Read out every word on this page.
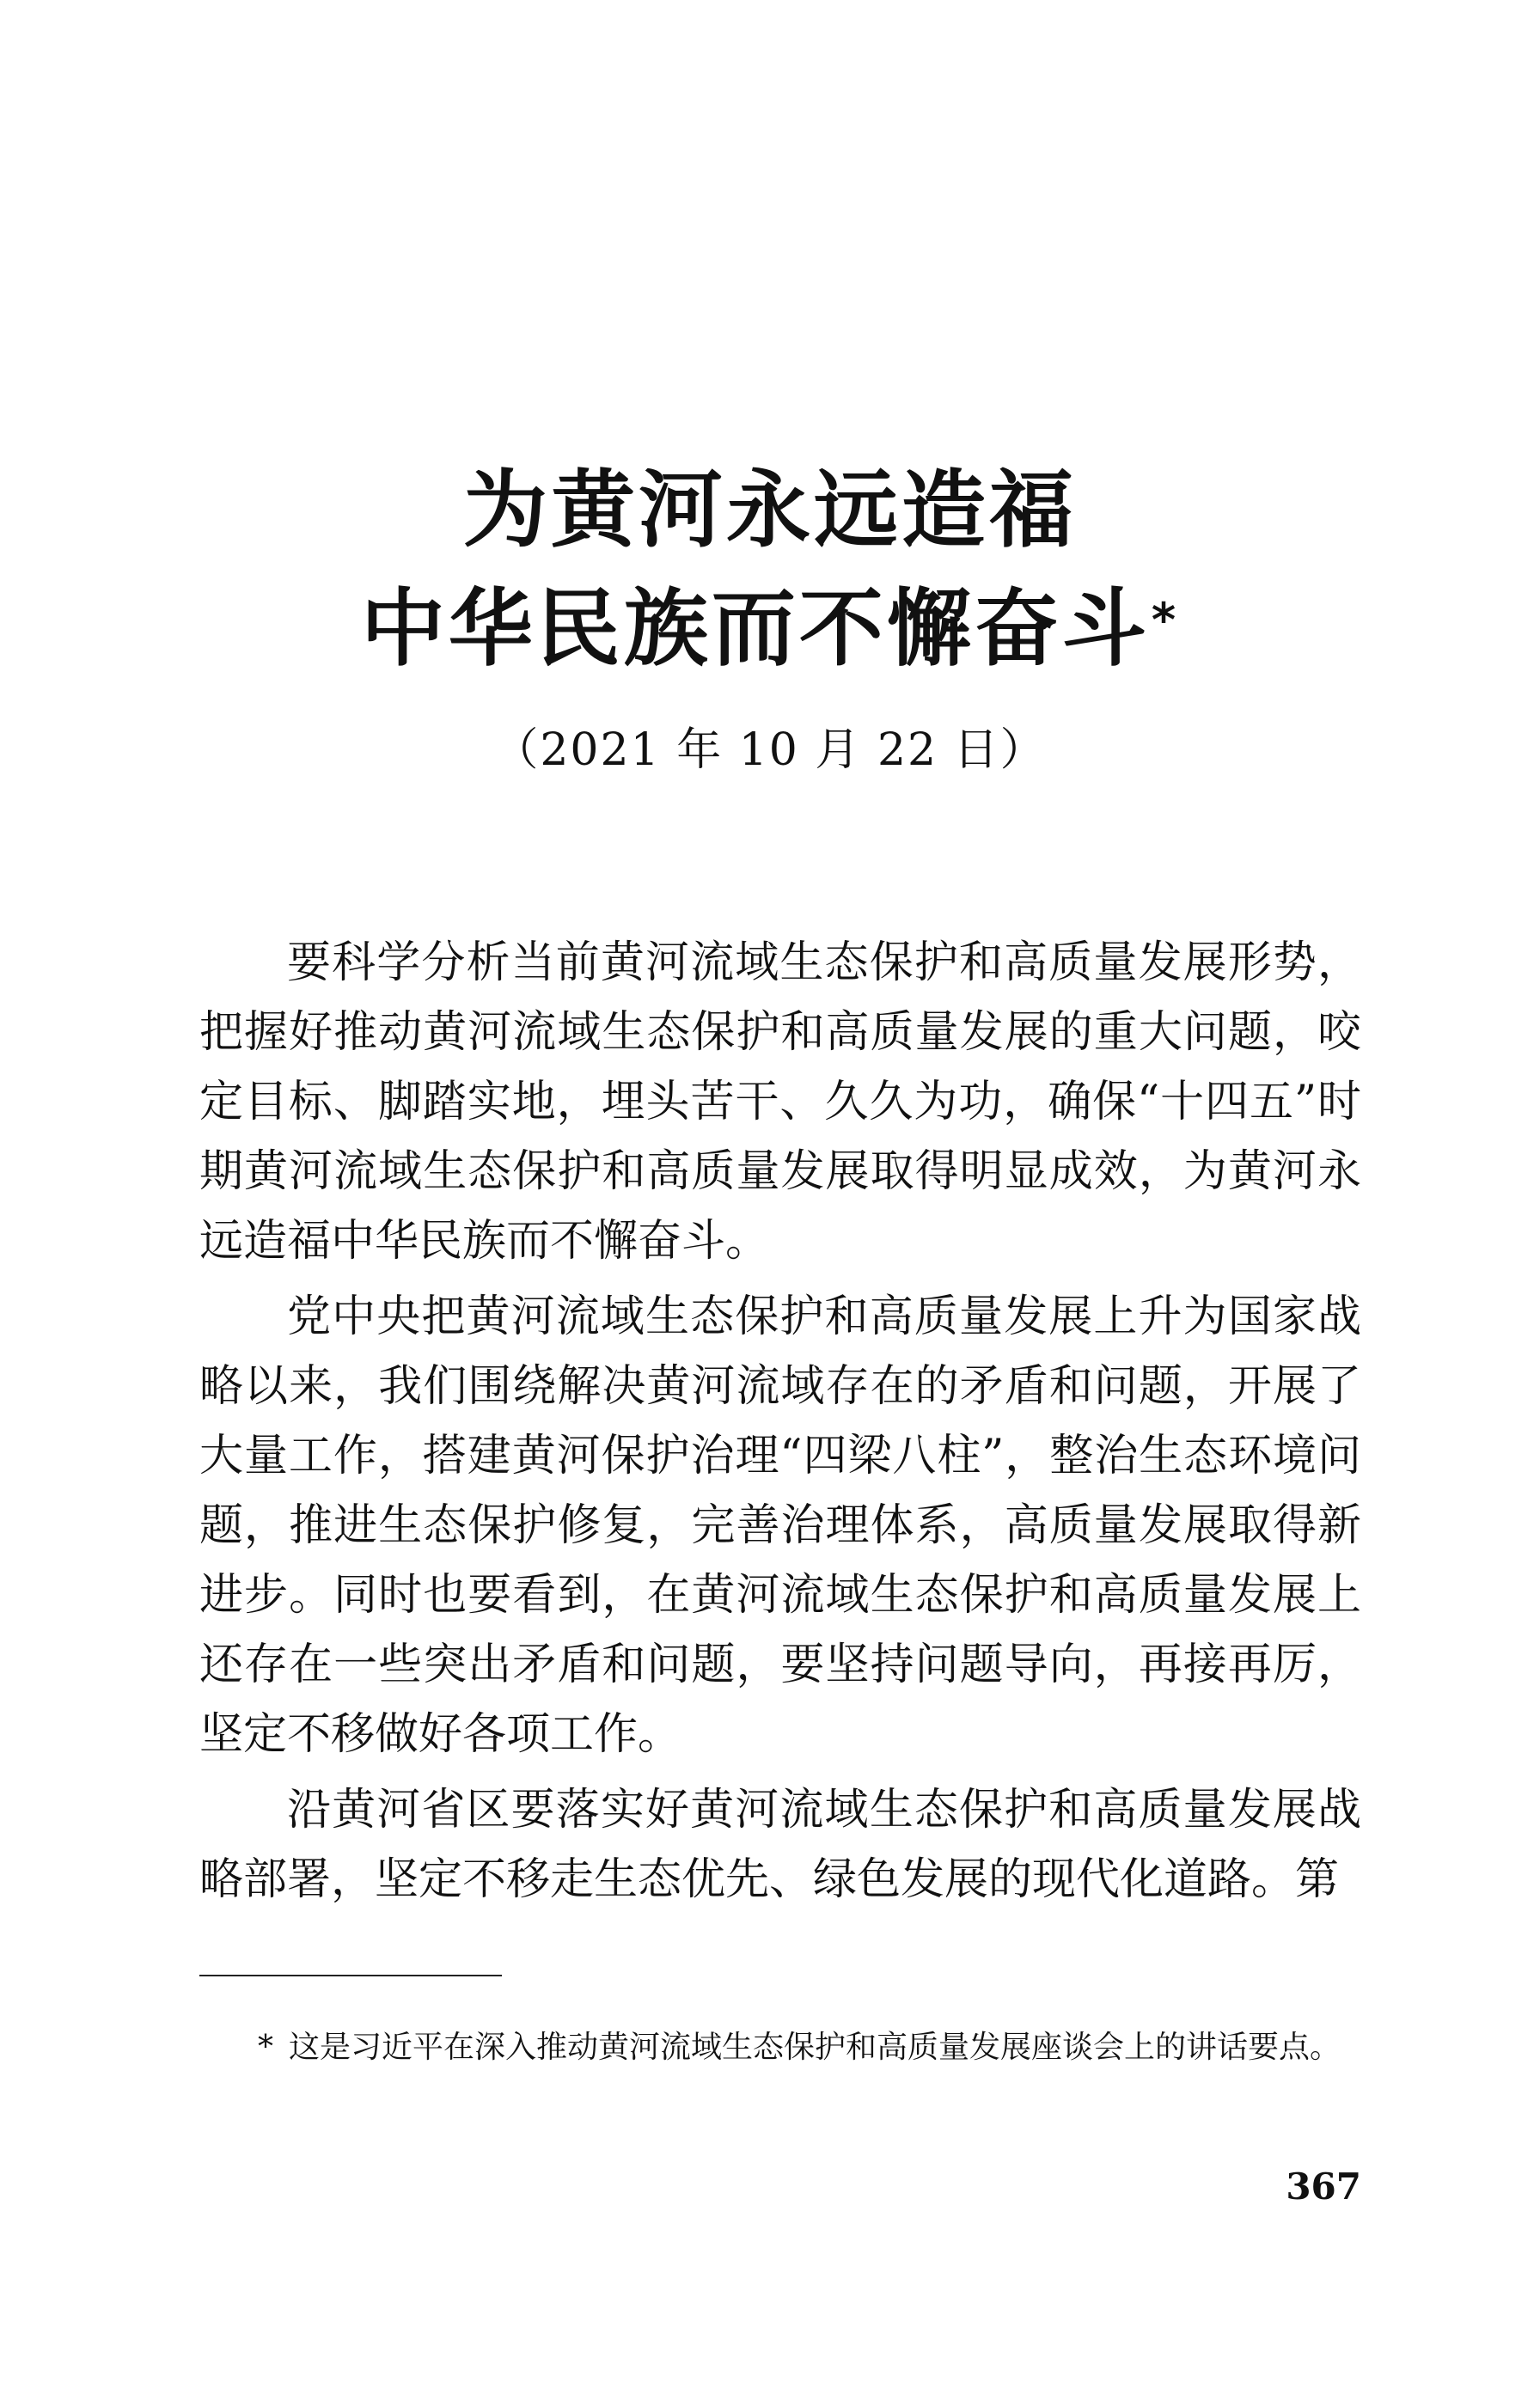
为黄河永远造福
中华民族而不懈奋斗*
（2021 年 10 月 22 日）

要科学分析当前黄河流域生态保护和高质量发展形势，把握好推动黄河流域生态保护和高质量发展的重大问题，咬定目标、脚踏实地，埋头苦干、久久为功，确保“十四五”时期黄河流域生态保护和高质量发展取得明显成效，为黄河永远造福中华民族而不懈奋斗。

党中央把黄河流域生态保护和高质量发展上升为国家战略以来，我们围绕解决黄河流域存在的矛盾和问题，开展了大量工作，搭建黄河保护治理“四梁八柱”，整治生态环境问题，推进生态保护修复，完善治理体系，高质量发展取得新进步。同时也要看到，在黄河流域生态保护和高质量发展上还存在一些突出矛盾和问题，要坚持问题导向，再接再厉，坚定不移做好各项工作。

沿黄河省区要落实好黄河流域生态保护和高质量发展战略部署，坚定不移走生态优先、绿色发展的现代化道路。第

* 这是习近平在深入推动黄河流域生态保护和高质量发展座谈会上的讲话要点。
367
